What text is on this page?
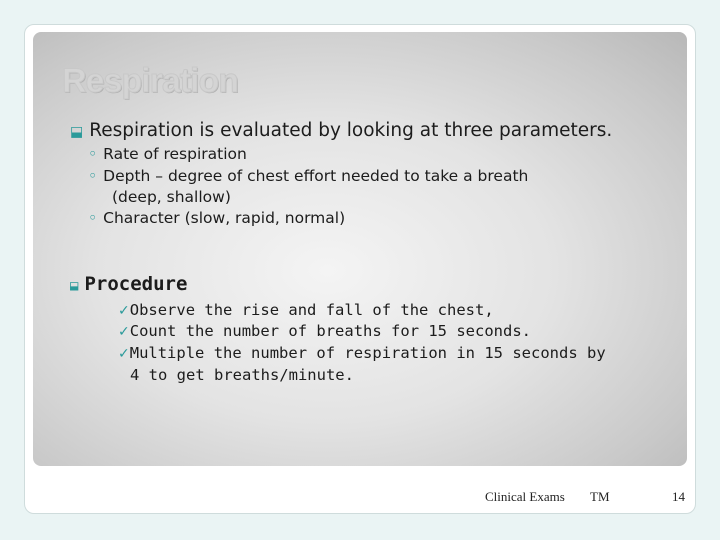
Respiration
⬓ Respiration is evaluated by looking at three parameters.
◦ Rate of respiration
◦ Depth – degree of chest effort needed to take a breath
(deep, shallow)
◦ Character (slow, rapid, normal)
⬓ Procedure
✓Observe the rise and fall of the chest,
✓Count the number of breaths for 15 seconds.
✓Multiple the number of respiration in 15 seconds by
4 to get breaths/minute.
Clinical Exams TM	14
